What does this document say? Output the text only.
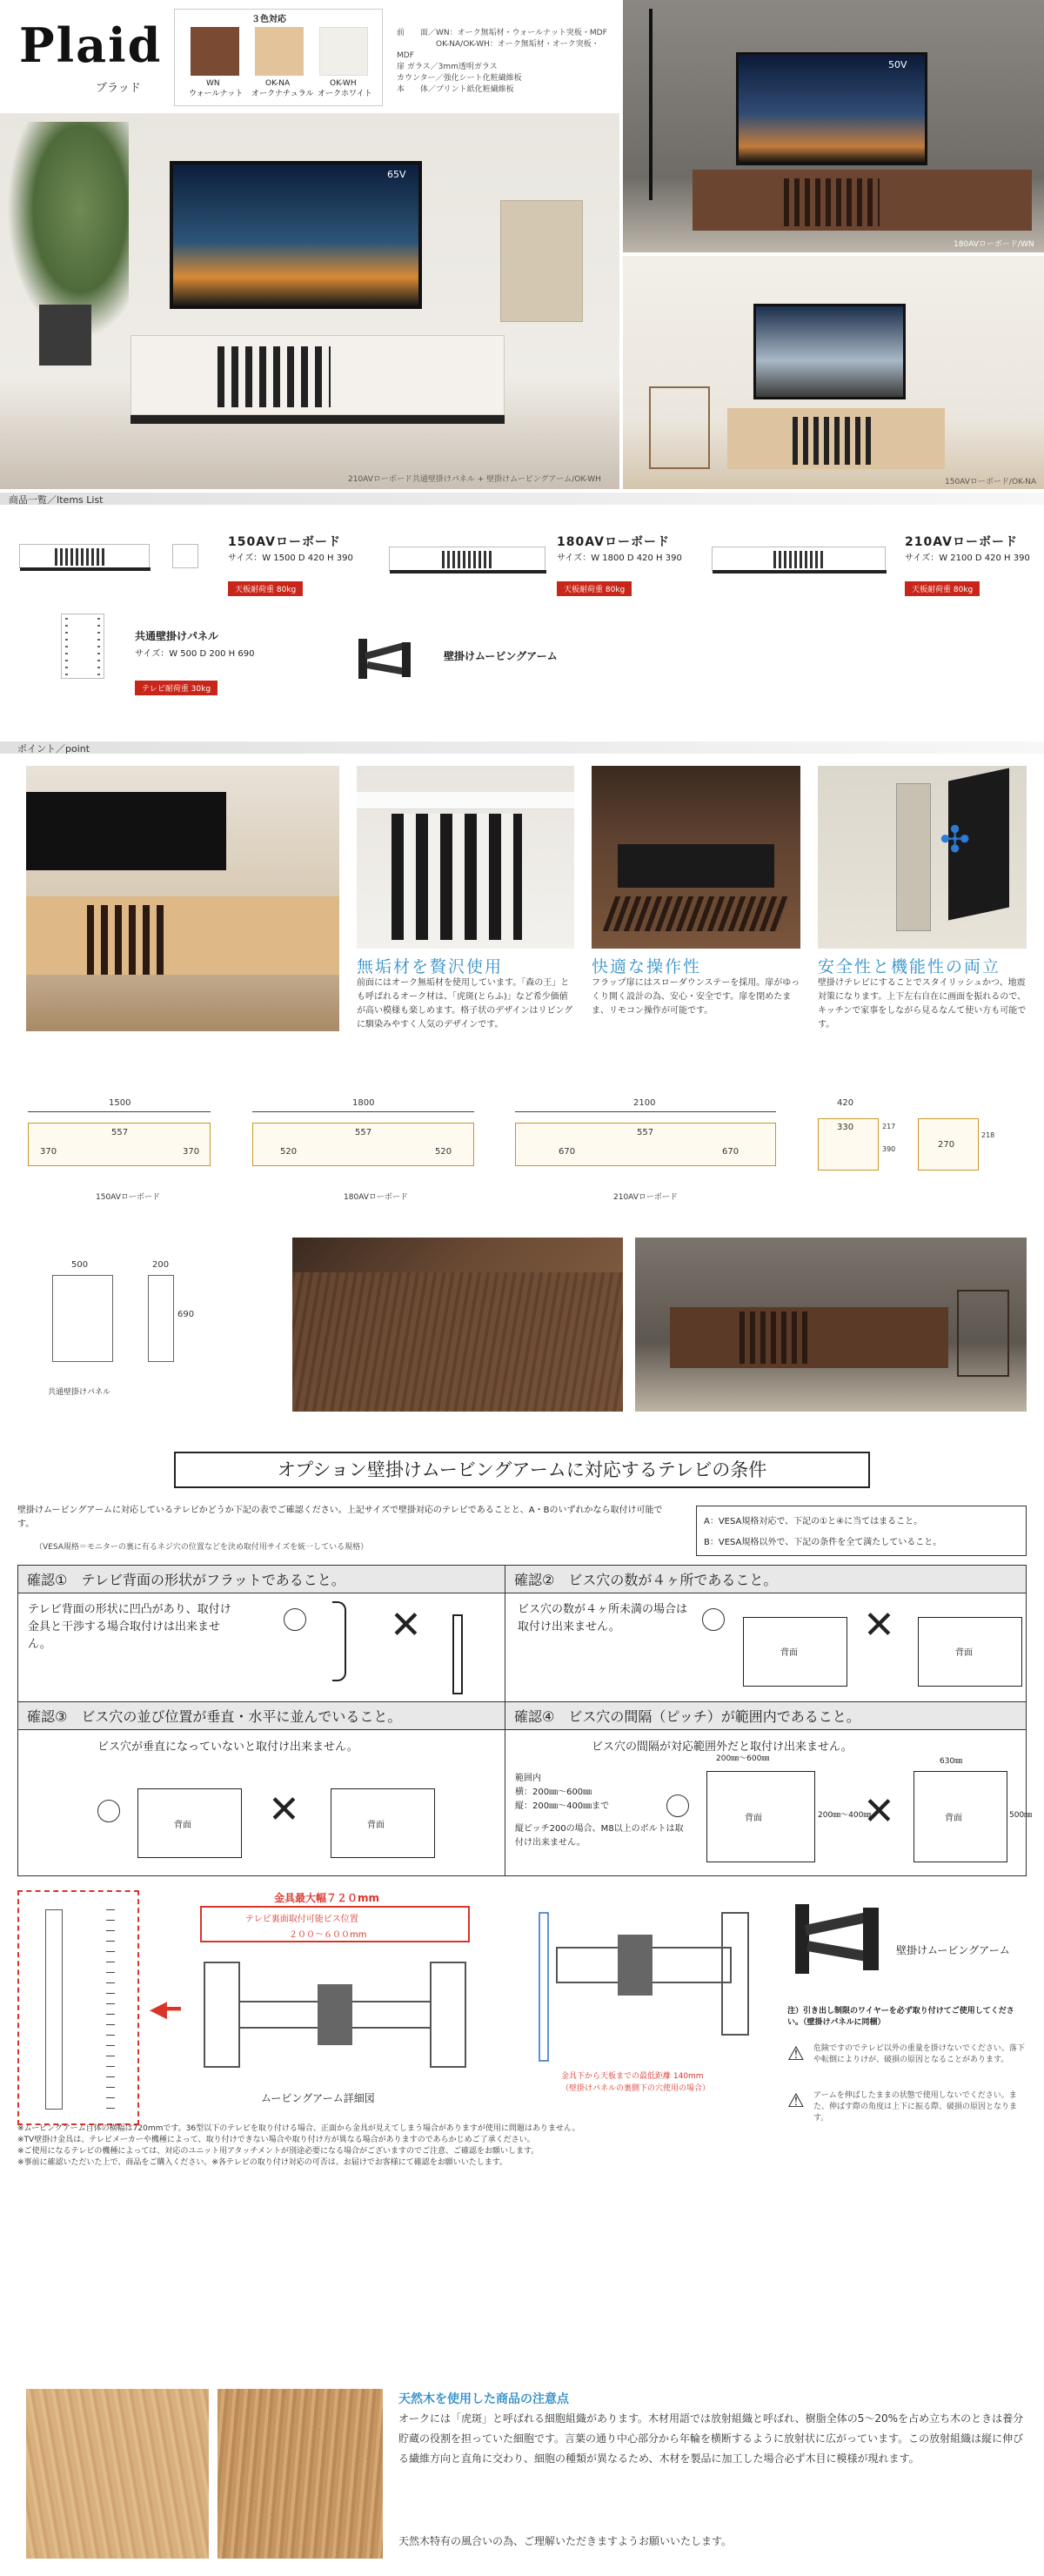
Plaid
ブラッド
３色対応
WN
ウォールナット
OK-NA
オークナチュラル
OK-WH
オークホワイト
前　　面／WN：オーク無垢材・ウォールナット突板・MDF
　　　　　OK-NA/OK-WH：オーク無垢材・オーク突板・MDF
扉 ガラス／3mm透明ガラス
カウンター／強化シート化粧繊維板
本　　体／プリント紙化粧繊維板
65V
210AVローボード共通壁掛けパネル + 壁掛けムービングアーム/OK-WH
50V
180AVローボード/WN
150AVローボード/OK-NA
商品一覧／Items List
150AVローボード
サイズ：W 1500 D 420 H 390
天板耐荷重 80kg
180AVローボード
サイズ：W 1800 D 420 H 390
天板耐荷重 80kg
210AVローボード
サイズ：W 2100 D 420 H 390
天板耐荷重 80kg
共通壁掛けパネル
サイズ：W 500 D 200 H 690
テレビ耐荷重 30kg
壁掛けムービングアーム
ポイント／point
✣
無垢材を贅沢使用
前面にはオーク無垢材を使用しています。「森の王」とも呼ばれるオーク材は、「虎斑(とらふ)」など希少価値が高い模様も楽しめます。格子状のデザインはリビングに馴染みやすく人気のデザインです。
快適な操作性
フラップ扉にはスローダウンステーを採用。扉がゆっくり開く設計の為、安心・安全です。扉を閉めたまま、リモコン操作が可能です。
安全性と機能性の両立
壁掛けテレビにすることでスタイリッシュかつ、地震対策になります。上下左右自在に画面を振れるので、キッチンで家事をしながら見るなんて使い方も可能です。
1500
557
370	370
150AVローボード
1800
557
520	520
180AVローボード
2100
557
670	670
210AVローボード
420
330	217
390	270
218
500	200
690
共通壁掛けパネル
オプション壁掛けムービングアームに対応するテレビの条件
壁掛けムービングアームに対応しているテレビかどうか下記の表でご確認ください。上記サイズで壁掛対応のテレビであることと、A・Bのいずれかなら取付け可能です。
（VESA規格＝モニターの裏に有るネジ穴の位置などを決め取付用サイズを統一している規格）
A：VESA規格対応で、下記の①と④に当てはまること。
B：VESA規格以外で、下記の条件を全て満たしていること。
確認①　テレビ背面の形状がフラットであること。
テレビ背面の形状に凹凸があり、取付け金具と干渉する場合取付けは出来ません。	✕
確認②　ビス穴の数が４ヶ所であること。
ビス穴の数が４ヶ所未満の場合は取付け出来ません。
背面
✕
背面
確認③　ビス穴の並び位置が垂直・水平に並んでいること。
ビス穴が垂直になっていないと取付け出来ません。
背面 ✕	背面
確認④　ビス穴の間隔（ピッチ）が範囲内であること。
ビス穴の間隔が対応範囲外だと取付け出来ません。
範囲内
横：200㎜〜600㎜
縦：200㎜〜400㎜まで
縦ピッチ200の場合、M8以上のボルトは取付け出来ません。
200㎜〜600㎜
背面	200㎜〜400㎜
✕
630㎜
背面	500㎜
◀━
金具最大幅７２０mm
テレビ裏面取付可能ビス位置
２００〜６００mm
ムービングアーム詳細図
金具下から天板までの最低距離 140mm
（壁掛けパネルの裏側下の穴使用の場合）
壁掛けムービングアーム
注）引き出し制限のワイヤーを必ず取り付けてご使用してください。（壁掛けパネルに同梱）
⚠ 危険ですのでテレビ以外の重量を掛けないでください。落下や転倒によりけが、破損の原因となることがあります。
⚠ アームを伸ばしたままの状態で使用しないでください。また、伸ばす際の角度は上下に振る際、破損の原因となります。
※ムービングアーム自体の横幅は720mmです。36型以下のテレビを取り付ける場合、正面から金具が見えてしまう場合がありますが使用に問題はありません。
※TV壁掛け金具は、テレビメーカーや機種によって、取り付けできない場合や取り付け方が異なる場合がありますのであらかじめご了承ください。
※ご使用になるテレビの機種によっては、対応のユニット用アタッチメントが別途必要になる場合がございますのでご注意、ご確認をお願いします。
※事前に確認いただいた上で、商品をご購入ください。※各テレビの取り付け対応の可否は、お届けでお客様にて確認をお願いいたします。
天然木を使用した商品の注意点
オークには「虎斑」と呼ばれる細胞組織があります。木材用語では放射組織と呼ばれ、樹脂全体の5〜20%を占め立ち木のときは養分貯蔵の役割を担っていた細胞です。言葉の通り中心部分から年輪を横断するように放射状に広がっています。この放射組織は縦に伸びる繊維方向と直角に交わり、細胞の種類が異なるため、木材を製品に加工した場合必ず木目に模様が現れます。
天然木特有の風合いの為、ご理解いただきますようお願いいたします。
